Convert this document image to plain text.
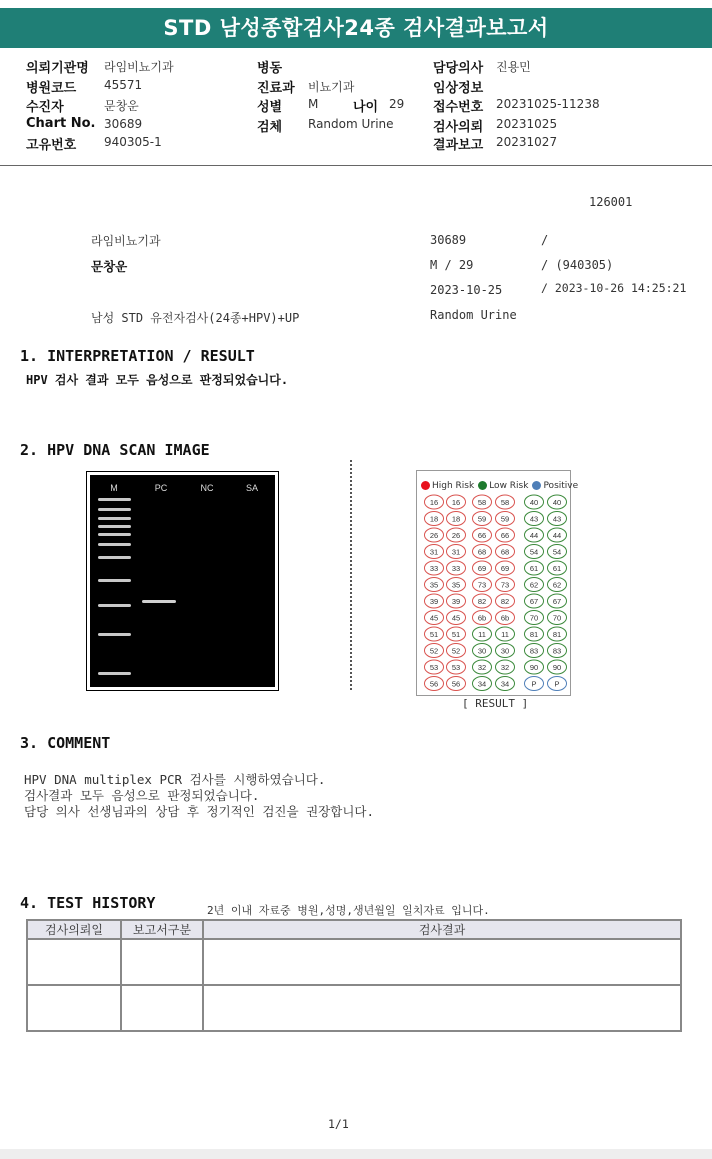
STD 남성종합검사24종 검사결과보고서
의뢰기관명 라임비뇨기과
병원코드 45571
수진자	문창운
Chart No. 30689
고유번호 940305-1
병동
진료과 비뇨기과
성별 M	나이 29
검체 Random Urine
담당의사 진용민
임상정보
접수번호 20231025-11238
검사의뢰 20231025
결과보고 20231027
126001
라임비뇨기과
문창운
남성 STD 유전자검사(24종+HPV)+UP
30689	/
M / 29	/ (940305)
2023-10-25	/ 2023-10-26 14:25:21
Random Urine
1. INTERPRETATION / RESULT
HPV 검사 결과 모두 음성으로 판정되었습니다.
2. HPV DNA SCAN IMAGE
M	PC	NC	SA	High Risk Low Risk Positive
16 16
18 18
26 26
31 31
33 33
35 35
39 39
45 45
51 51
52 52
53 53
56 56
58 58
59 59
66 66
68 68
69 69
73 73
82 82
6b 6b
11 11
30 30
32 32
34 34
40 40
43 43
44 44
54 54
61 61
62 62
67 67
70 70
81 81
83 83
90 90
P P
[ RESULT ]
3. COMMENT
HPV DNA multiplex PCR 검사를 시행하였습니다.
검사결과 모두 음성으로 판정되었습니다.
담당 의사 선생님과의 상담 후 정기적인 검진을 권장합니다.
4. TEST HISTORY	2년 이내 자료중 병원,성명,생년월일 일치자료 입니다.
검사의뢰일	보고서구분	검사결과

1/1
